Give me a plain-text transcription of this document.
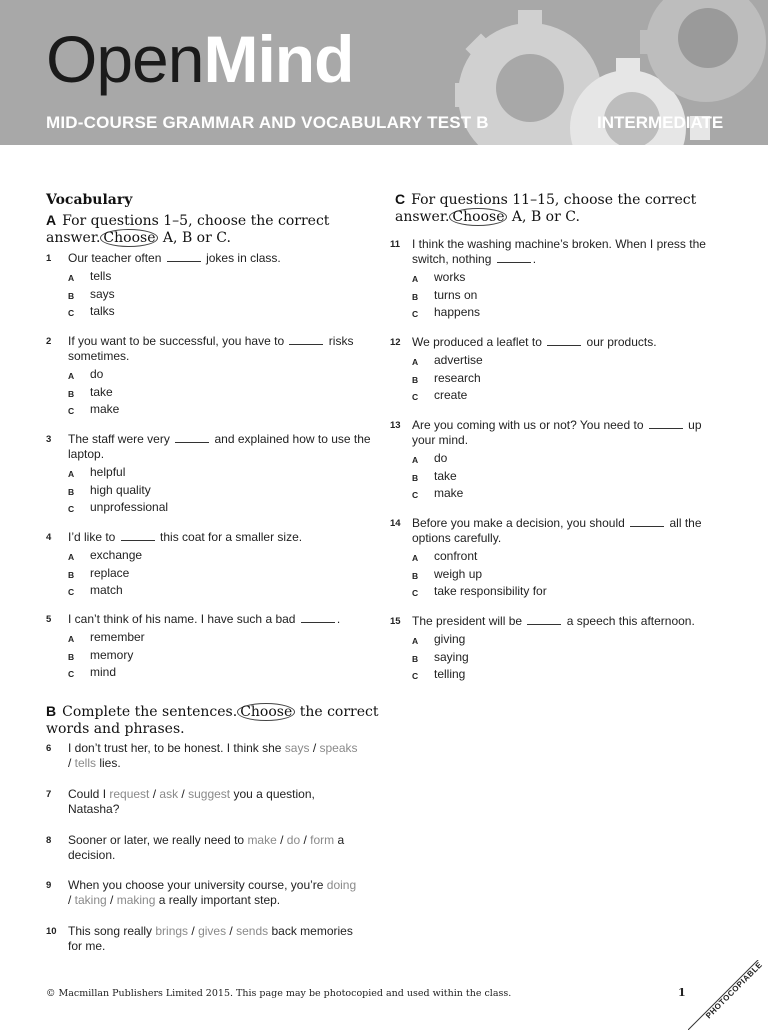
OpenMind
MID-COURSE GRAMMAR AND VOCABULARY TEST B	INTERMEDIATE
Vocabulary
A For questions 1–5, choose the correct answer. Choose A, B or C.
1	Our teacher often	jokes in class.
A tells
B says
C talks
2	If you want to be successful, you have to	risks sometimes.
A do
B take
C make
3	The staff were very	and explained how to use the laptop.
A helpful
B high quality
C unprofessional
4	I’d like to	this coat for a smaller size.
A exchange
B replace
C match
5	I can’t think of his name. I have such a bad	.
A remember
B memory
C mind
B Complete the sentences. Choose the correct words and phrases.
6	I don’t trust her, to be honest. I think she says / speaks / tells lies.
7	Could I request / ask / suggest you a question, Natasha?
8	Sooner or later, we really need to make / do / form a decision.
9	When you choose your university course, you’re doing / taking / making a really important step.
10 This song really brings / gives / sends back memories for me.
C For questions 11–15, choose the correct answer. Choose A, B or C.
11 I think the washing machine’s broken. When I press the switch, nothing	.
A works
B turns on
C happens
12 We produced a leaflet to	our products.
A advertise
B research
C create
13 Are you coming with us or not? You need to	up your mind.
A do
B take
C make
14 Before you make a decision, you should	all the options carefully.
A confront
B weigh up
C take responsibility for
15 The president will be	a speech this afternoon.
A giving
B saying
C telling
© Macmillan Publishers Limited 2015. This page may be photocopied and used within the class.	1 PHOTOCOPIABLE
